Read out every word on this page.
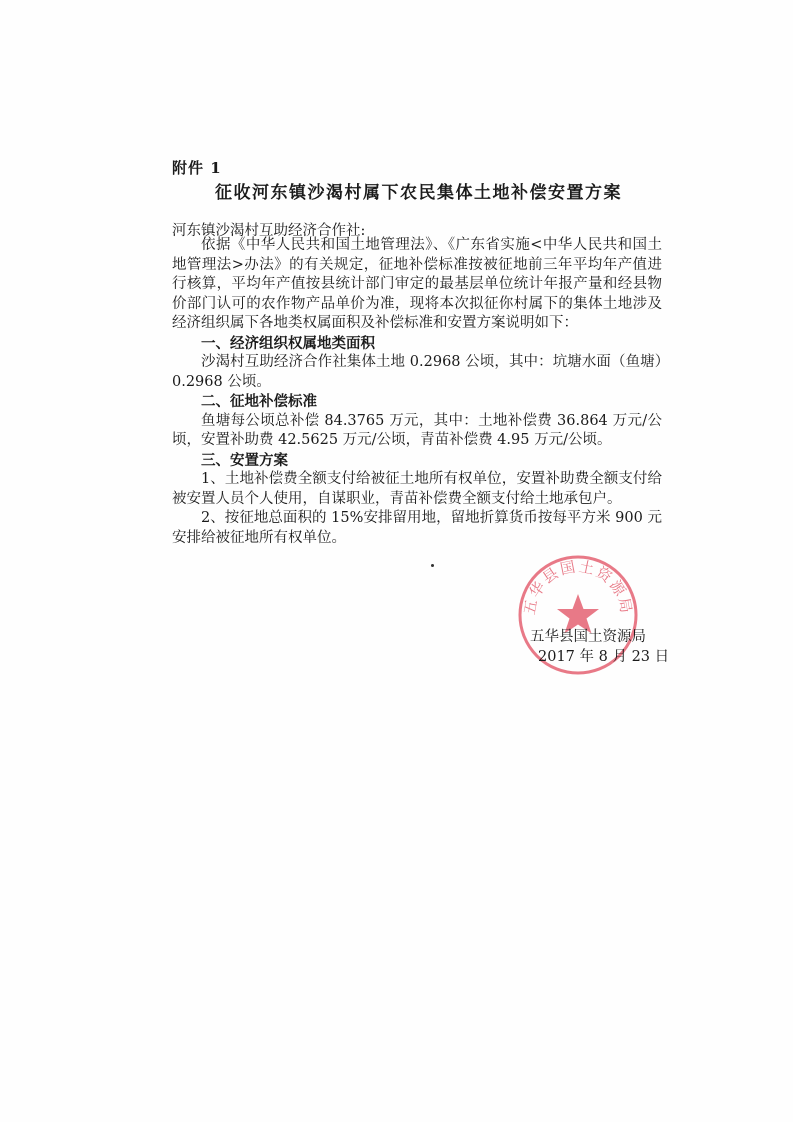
附件 1
征收河东镇沙渴村属下农民集体土地补偿安置方案
河东镇沙渴村互助经济合作社:

依据《中华人民共和国土地管理法》、《广东省实施<中华人民共和国土地管理法>办法》的有关规定，征地补偿标准按被征地前三年平均年产值进行核算，平均年产值按县统计部门审定的最基层单位统计年报产量和经县物价部门认可的农作物产品单价为准，现将本次拟征你村属下的集体土地涉及经济组织属下各地类权属面积及补偿标准和安置方案说明如下：

一、经济组织权属地类面积

沙渴村互助经济合作社集体土地 0.2968 公顷，其中：坑塘水面（鱼塘）0.2968 公顷。

二、征地补偿标准

鱼塘每公顷总补偿 84.3765 万元，其中：土地补偿费 36.864 万元/公顷，安置补助费 42.5625 万元/公顷，青苗补偿费 4.95 万元/公顷。

三、安置方案

1、土地补偿费全额支付给被征土地所有权单位，安置补助费全额支付给被安置人员个人使用，自谋职业，青苗补偿费全额支付给土地承包户。

2、按征地总面积的 15%安排留用地，留地折算货币按每平方米 900 元安排给被征地所有权单位。

五华县国土资源局
五华县国土资源局
2017 年 8 月 23 日
